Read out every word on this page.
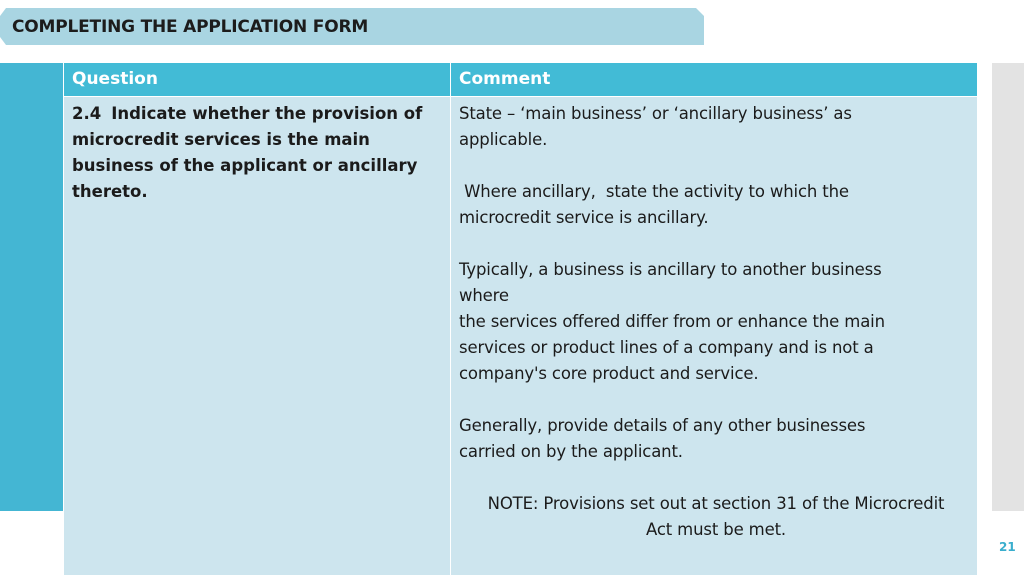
COMPLETING THE APPLICATION FORM
Question	Comment
2.4 Indicate whether the provision of microcredit services is the main business of the applicant or ancillary thereto.

State – ‘main business’ or ‘ancillary business’ as

applicable.

Where ancillary,  state the activity to which the

microcredit service is ancillary.

Typically, a business is ancillary to another business

where

the services offered differ from or enhance the main

services or product lines of a company and is not a

company's core product and service.

Generally, provide details of any other businesses

carried on by the applicant.

NOTE: Provisions set out at section 31 of the Microcredit

Act must be met.

21
